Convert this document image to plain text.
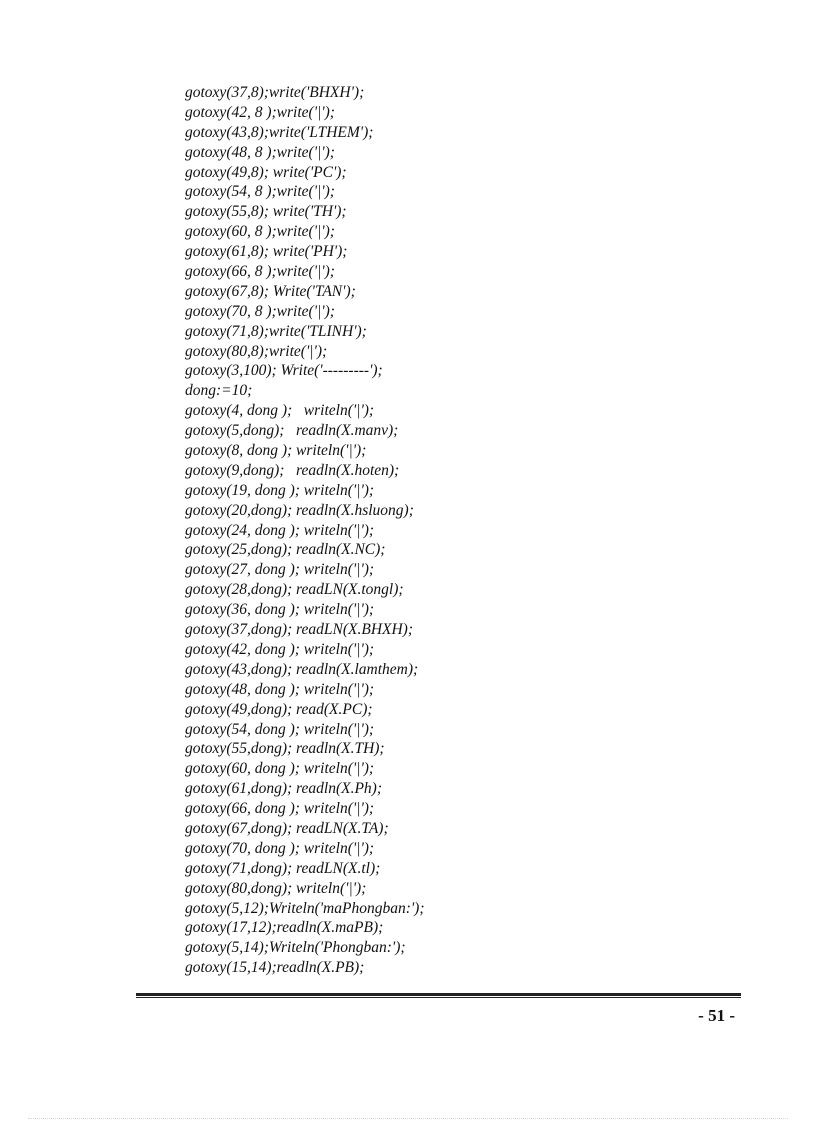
gotoxy(37,8);write('BHXH');
gotoxy(42, 8 );write('|');
gotoxy(43,8);write('LTHEM');
gotoxy(48, 8 );write('|');
gotoxy(49,8); write('PC');
gotoxy(54, 8 );write('|');
gotoxy(55,8); write('TH');
gotoxy(60, 8 );write('|');
gotoxy(61,8); write('PH');
gotoxy(66, 8 );write('|');
gotoxy(67,8); Write('TAN');
gotoxy(70, 8 );write('|');
gotoxy(71,8);write('TLINH');
gotoxy(80,8);write('|');
gotoxy(3,100); Write('---------');
dong:=10;
gotoxy(4, dong );   writeln('|');
gotoxy(5,dong);   readln(X.manv);
gotoxy(8, dong ); writeln('|');
gotoxy(9,dong);   readln(X.hoten);
gotoxy(19, dong ); writeln('|');
gotoxy(20,dong); readln(X.hsluong);
gotoxy(24, dong ); writeln('|');
gotoxy(25,dong); readln(X.NC);
gotoxy(27, dong ); writeln('|');
gotoxy(28,dong); readLN(X.tongl);
gotoxy(36, dong ); writeln('|');
gotoxy(37,dong); readLN(X.BHXH);
gotoxy(42, dong ); writeln('|');
gotoxy(43,dong); readln(X.lamthem);
gotoxy(48, dong ); writeln('|');
gotoxy(49,dong); read(X.PC);
gotoxy(54, dong ); writeln('|');
gotoxy(55,dong); readln(X.TH);
gotoxy(60, dong ); writeln('|');
gotoxy(61,dong); readln(X.Ph);
gotoxy(66, dong ); writeln('|');
gotoxy(67,dong); readLN(X.TA);
gotoxy(70, dong ); writeln('|');
gotoxy(71,dong); readLN(X.tl);
gotoxy(80,dong); writeln('|');
gotoxy(5,12);Writeln('maPhongban:');
gotoxy(17,12);readln(X.maPB);
gotoxy(5,14);Writeln('Phongban:');
gotoxy(15,14);readln(X.PB);
- 51 -
